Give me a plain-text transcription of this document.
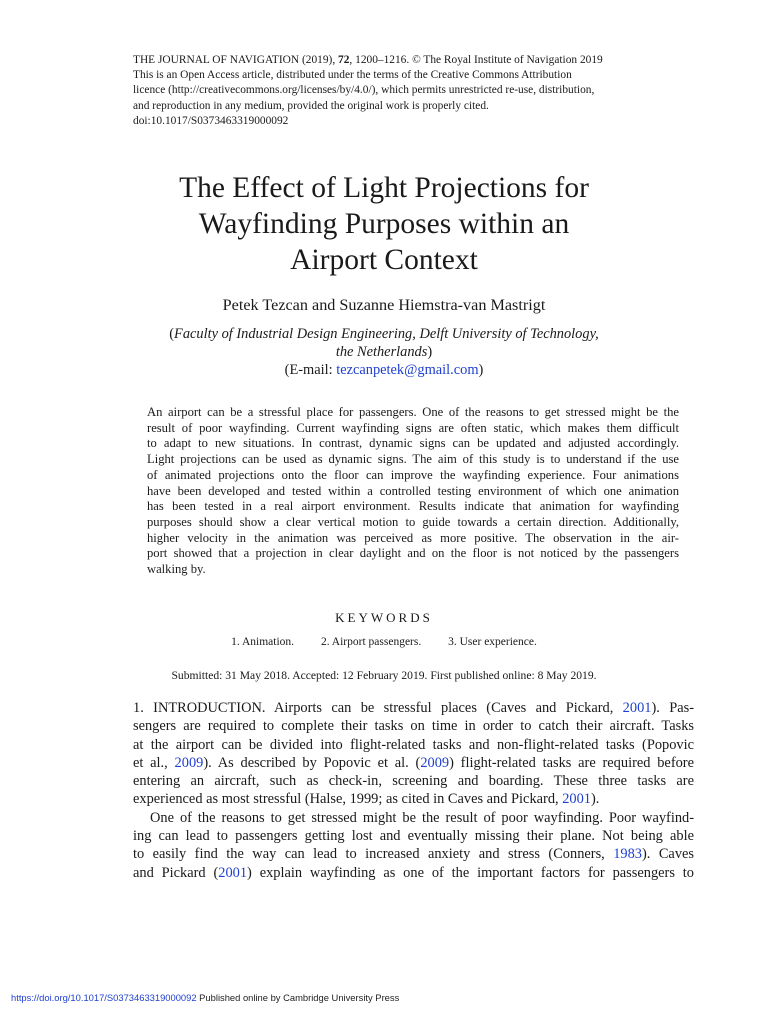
THE JOURNAL OF NAVIGATION (2019), 72, 1200–1216. © The Royal Institute of Navigation 2019

This is an Open Access article, distributed under the terms of the Creative Commons Attribution

licence (http://creativecommons.org/licenses/by/4.0/), which permits unrestricted re-use, distribution,

and reproduction in any medium, provided the original work is properly cited.

doi:10.1017/S0373463319000092

The Effect of Light Projections for

Wayfinding Purposes within an

Airport Context

Petek Tezcan and Suzanne Hiemstra-van Mastrigt

(Faculty of Industrial Design Engineering, Delft University of Technology,

the Netherlands)

(E-mail: tezcanpetek@gmail.com)

An airport can be a stressful place for passengers. One of the reasons to get stressed might be the

result of poor wayfinding. Current wayfinding signs are often static, which makes them difficult

to adapt to new situations. In contrast, dynamic signs can be updated and adjusted accordingly.

Light projections can be used as dynamic signs. The aim of this study is to understand if the use

of animated projections onto the floor can improve the wayfinding experience. Four animations

have been developed and tested within a controlled testing environment of which one animation

has been tested in a real airport environment. Results indicate that animation for wayfinding

purposes should show a clear vertical motion to guide towards a certain direction. Additionally,

higher velocity in the animation was perceived as more positive. The observation in the air-

port showed that a projection in clear daylight and on the floor is not noticed by the passengers

walking by.

KEYWORDS
1. Animation. 2. Airport passengers. 3. User experience.
Submitted: 31 May 2018. Accepted: 12 February 2019. First published online: 8 May 2019.

1. INTRODUCTION. Airports can be stressful places (Caves and Pickard, 2001). Pas-

sengers are required to complete their tasks on time in order to catch their aircraft. Tasks

at the airport can be divided into flight-related tasks and non-flight-related tasks (Popovic

et al., 2009). As described by Popovic et al. (2009) flight-related tasks are required before

entering an aircraft, such as check-in, screening and boarding. These three tasks are

experienced as most stressful (Halse, 1999; as cited in Caves and Pickard, 2001).

One of the reasons to get stressed might be the result of poor wayfinding. Poor wayfind-

ing can lead to passengers getting lost and eventually missing their plane. Not being able

to easily find the way can lead to increased anxiety and stress (Conners, 1983). Caves

and Pickard (2001) explain wayfinding as one of the important factors for passengers to

https://doi.org/10.1017/S0373463319000092 Published online by Cambridge University Press
